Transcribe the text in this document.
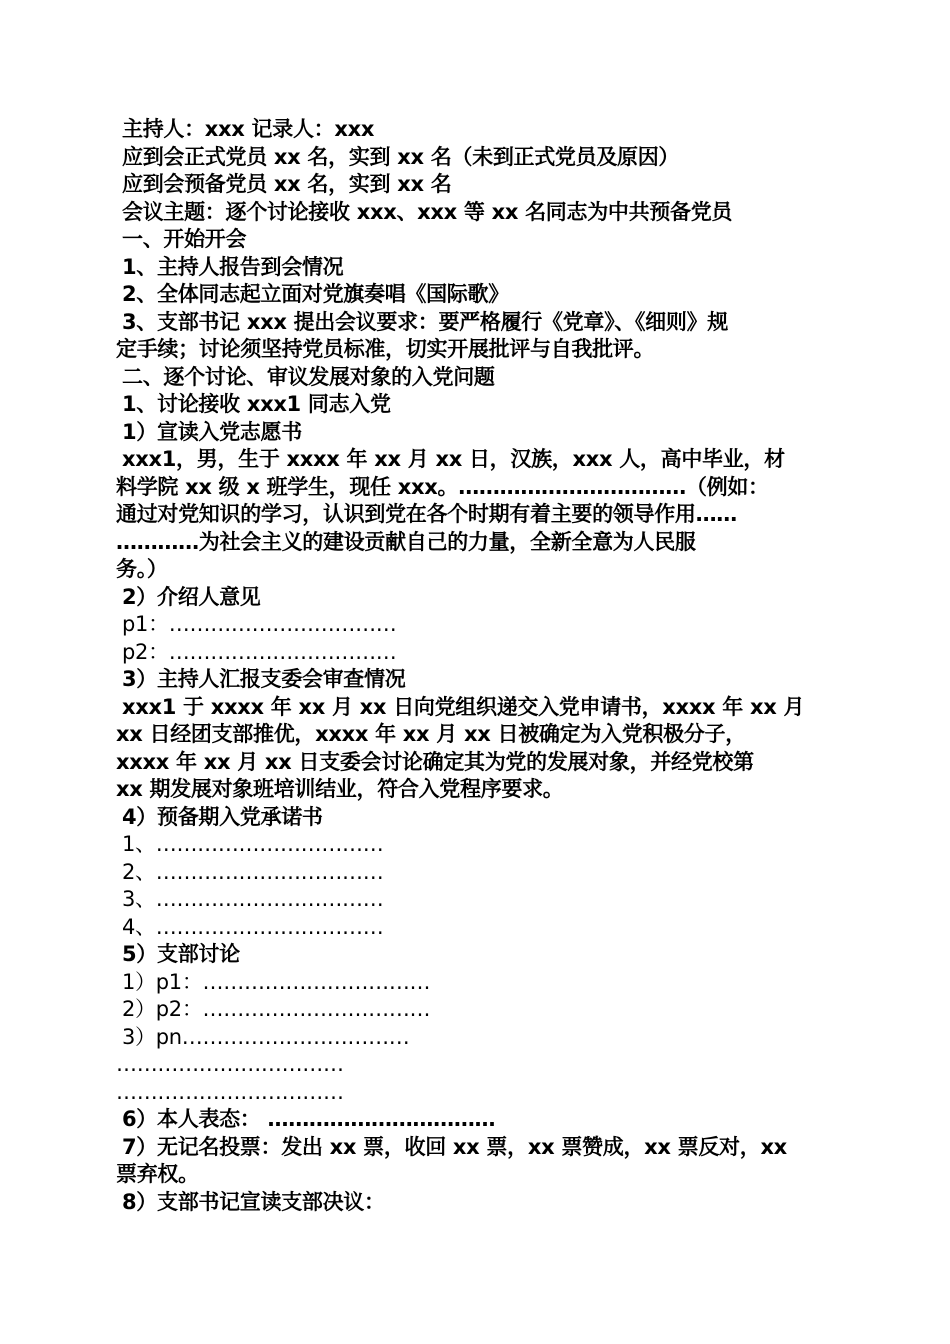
主持人：xxx 记录人：xxx

应到会正式党员 xx 名，实到 xx 名（未到正式党员及原因）

应到会预备党员 xx 名，实到 xx 名

会议主题：逐个讨论接收 xxx、xxx 等 xx 名同志为中共预备党员

一、开始开会

1、主持人报告到会情况

2、全体同志起立面对党旗奏唱《国际歌》

3、支部书记 xxx 提出会议要求：要严格履行《党章》、《细则》规

定手续；讨论须坚持党员标准，切实开展批评与自我批评。

二、逐个讨论、审议发展对象的入党问题

1、讨论接收 xxx1 同志入党

1）宣读入党志愿书

xxx1，男，生于 xxxx 年 xx 月 xx 日，汉族，xxx 人，高中毕业，材

料学院 xx 级 x 班学生，现任 xxx。……………………………（例如：

通过对党知识的学习，认识到党在各个时期有着主要的领导作用……

…………为社会主义的建设贡献自己的力量，全新全意为人民服

务。）

2）介绍人意见

p1：……………………………

p2：……………………………

3）主持人汇报支委会审查情况

xxx1 于 xxxx 年 xx 月 xx 日向党组织递交入党申请书，xxxx 年 xx 月

xx 日经团支部推优，xxxx 年 xx 月 xx 日被确定为入党积极分子，

xxxx 年 xx 月 xx 日支委会讨论确定其为党的发展对象，并经党校第

xx 期发展对象班培训结业，符合入党程序要求。

4）预备期入党承诺书

1、……………………………

2、……………………………

3、……………………………

4、……………………………

5）支部讨论

1）p1：……………………………

2）p2：……………………………

3）pn……………………………

……………………………

……………………………

6）本人表态： ……………………………

7）无记名投票：发出 xx 票，收回 xx 票，xx 票赞成，xx 票反对，xx

票弃权。

8）支部书记宣读支部决议：
